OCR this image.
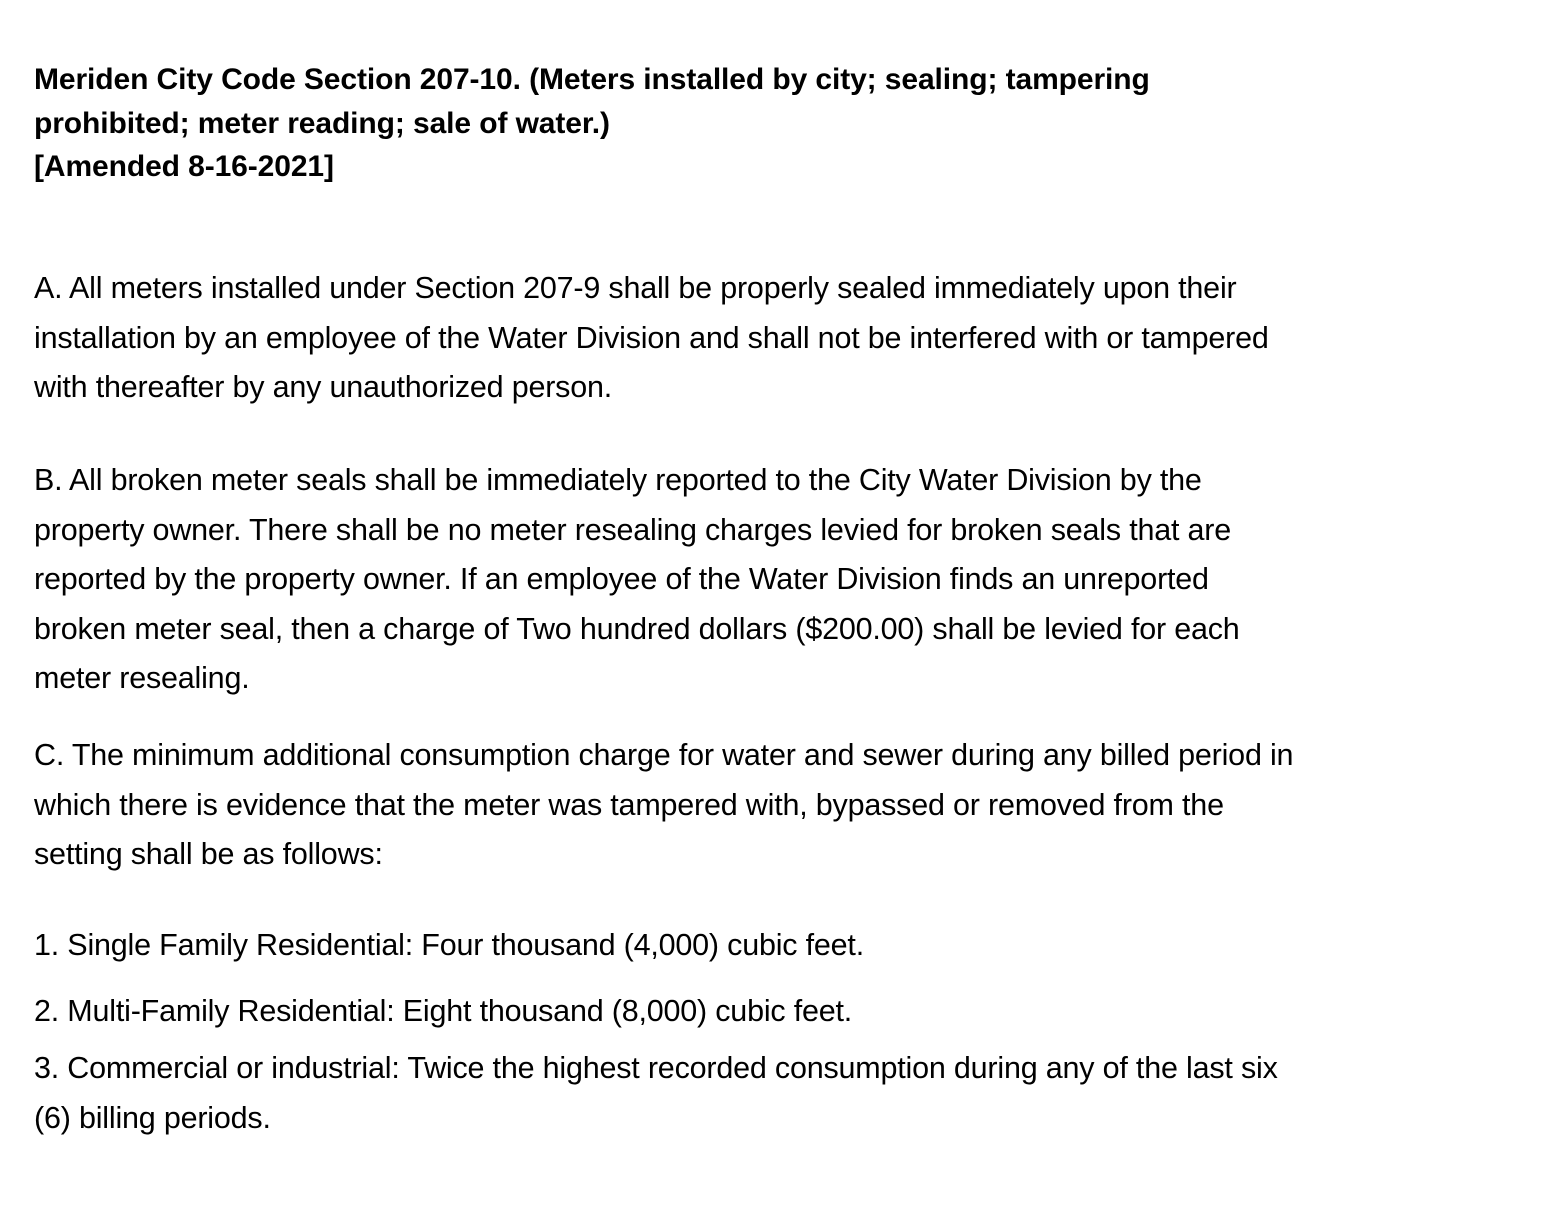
Meriden City Code Section 207-10. (Meters installed by city; sealing; tampering
prohibited; meter reading; sale of water.)
[Amended 8-16-2021]

A. All meters installed under Section 207-9 shall be properly sealed immediately upon their
installation by an employee of the Water Division and shall not be interfered with or tampered
with thereafter by any unauthorized person.

B. All broken meter seals shall be immediately reported to the City Water Division by the
property owner. There shall be no meter resealing charges levied for broken seals that are
reported by the property owner. If an employee of the Water Division finds an unreported
broken meter seal, then a charge of Two hundred dollars ($200.00) shall be levied for each
meter resealing.

C. The minimum additional consumption charge for water and sewer during any billed period in
which there is evidence that the meter was tampered with, bypassed or removed from the
setting shall be as follows:

1. Single Family Residential: Four thousand (4,000) cubic feet.

2. Multi-Family Residential: Eight thousand (8,000) cubic feet.

3. Commercial or industrial: Twice the highest recorded consumption during any of the last six
(6) billing periods.
